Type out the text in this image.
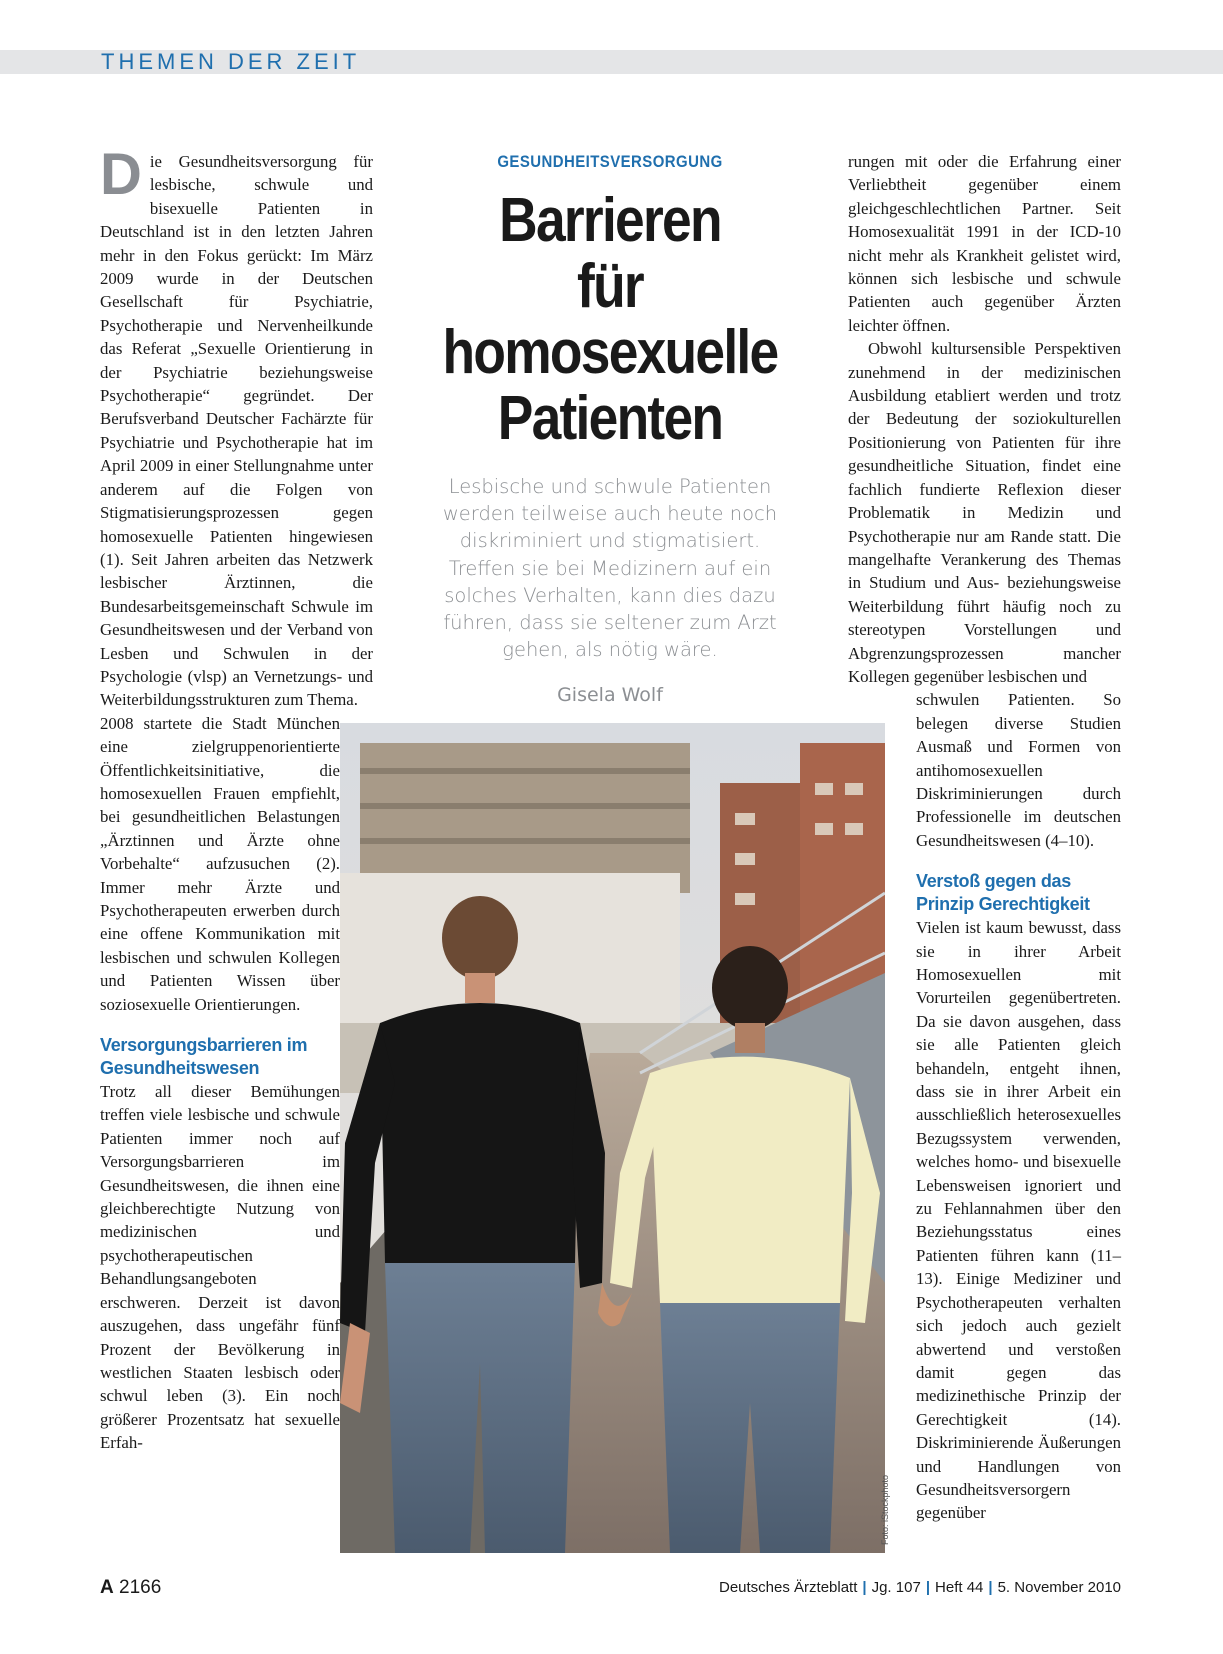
THEMEN DER ZEIT

Die Gesundheitsversorgung für lesbische, schwule und bisexuelle Patienten in Deutschland ist in den letzten Jahren mehr in den Fokus gerückt: Im März 2009 wurde in der Deutschen Gesellschaft für Psychiatrie, Psychotherapie und Nervenheilkunde das Referat „Sexuelle Orientierung in der Psychiatrie beziehungsweise Psychotherapie“ gegründet. Der Berufsverband Deutscher Fachärzte für Psychiatrie und Psychotherapie hat im April 2009 in einer Stellungnahme unter anderem auf die Folgen von Stigmatisierungsprozessen gegen homosexuelle Patienten hingewiesen (1). Seit Jahren arbeiten das Netzwerk lesbischer Ärztinnen, die Bundesarbeitsgemeinschaft Schwule im Gesundheitswesen und der Verband von Lesben und Schwulen in der Psychologie (vlsp) an Vernetzungs- und Weiterbildungsstrukturen zum Thema.

2008 startete die Stadt München eine zielgruppenorientierte Öffentlichkeitsinitiative, die homosexuellen Frauen empfiehlt, bei gesundheitlichen Belastungen „Ärztinnen und Ärzte ohne Vorbehalte“ aufzusuchen (2). Immer mehr Ärzte und Psychotherapeuten erwerben durch eine offene Kommunikation mit lesbischen und schwulen Kollegen und Patienten Wissen über soziosexuelle Orientierungen.

Versorgungsbarrieren im Gesundheitswesen

Trotz all dieser Bemühungen treffen viele lesbische und schwule Patienten immer noch auf Versorgungsbarrieren im Gesundheitswesen, die ihnen eine gleichberechtigte Nutzung von medizinischen und psychotherapeutischen Behandlungsangeboten erschweren. Derzeit ist davon auszugehen, dass ungefähr fünf Prozent der Bevölkerung in westlichen Staaten lesbisch oder schwul leben (3). Ein noch größerer Prozentsatz hat sexuelle Erfah-

GESUNDHEITSVERSORGUNG
Barrieren
für
homosexuelle
Patienten
Lesbische und schwule Patienten werden teilweise auch heute noch diskriminiert und stigmatisiert. Treffen sie bei Medizinern auf ein solches Verhalten, kann dies dazu führen, dass sie seltener zum Arzt gehen, als nötig wäre.
Gisela Wolf

rungen mit oder die Erfahrung einer Verliebtheit gegenüber einem gleichgeschlechtlichen Partner. Seit Homosexualität 1991 in der ICD-10 nicht mehr als Krankheit gelistet wird, können sich lesbische und schwule Patienten auch gegenüber Ärzten leichter öffnen.

Obwohl kultursensible Perspektiven zunehmend in der medizinischen Ausbildung etabliert werden und trotz der Bedeutung der soziokulturellen Positionierung von Patienten für ihre gesundheitliche Situation, findet eine fachlich fundierte Reflexion dieser Problematik in Medizin und Psychotherapie nur am Rande statt. Die mangelhafte Verankerung des Themas in Studium und Aus- beziehungsweise Weiterbildung führt häufig noch zu stereotypen Vorstellungen und Abgrenzungsprozessen mancher Kollegen gegenüber lesbischen und

schwulen Patienten. So belegen diverse Studien Ausmaß und Formen von antihomosexuellen Diskriminierungen durch Professionelle im deutschen Gesundheitswesen (4–10).

Verstoß gegen das Prinzip Gerechtigkeit

Vielen ist kaum bewusst, dass sie in ihrer Arbeit Homosexuellen mit Vorurteilen gegenübertreten. Da sie davon ausgehen, dass sie alle Patienten gleich behandeln, entgeht ihnen, dass sie in ihrer Arbeit ein ausschließlich heterosexuelles Bezugssystem verwenden, welches homo- und bisexuelle Lebensweisen ignoriert und zu Fehlannahmen über den Beziehungsstatus eines Patienten führen kann (11–13). Einige Mediziner und Psychotherapeuten verhalten sich jedoch auch gezielt abwertend und verstoßen damit gegen das medizinethische Prinzip der Gerechtigkeit (14). Diskriminierende Äußerungen und Handlungen von Gesundheitsversorgern gegenüber

Foto: iStockphoto
A 2166	Deutsches Ärzteblatt | Jg. 107 | Heft 44 | 5. November 2010
